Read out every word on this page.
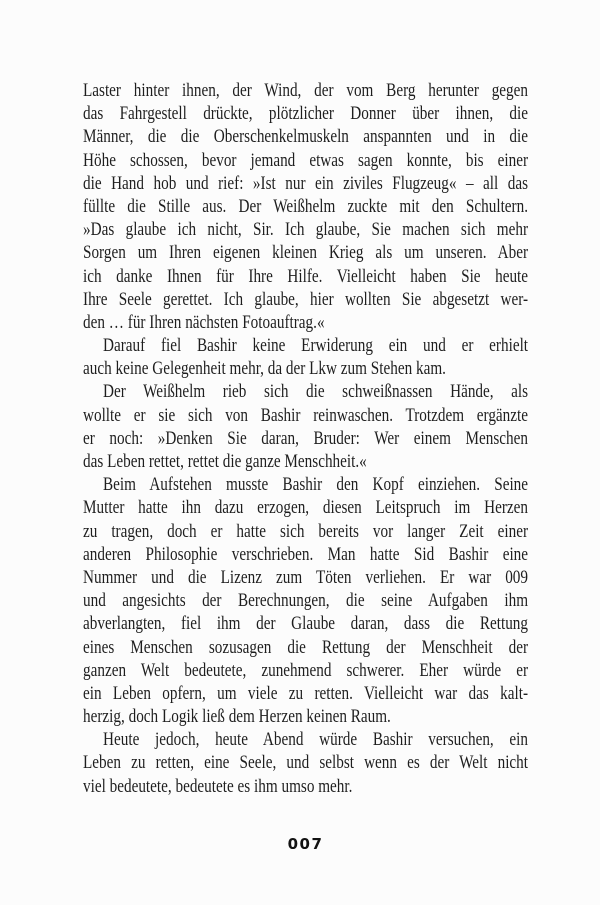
Laster hinter ihnen, der Wind, der vom Berg herunter gegen
das Fahrgestell drückte, plötzlicher Donner über ihnen, die
Männer, die die Oberschenkelmuskeln anspannten und in die
Höhe schossen, bevor jemand etwas sagen konnte, bis einer
die Hand hob und rief: »Ist nur ein ziviles Flugzeug« – all das
füllte die Stille aus. Der Weißhelm zuckte mit den Schultern.
»Das glaube ich nicht, Sir. Ich glaube, Sie machen sich mehr
Sorgen um Ihren eigenen kleinen Krieg als um unseren. Aber
ich danke Ihnen für Ihre Hilfe. Vielleicht haben Sie heute
Ihre Seele gerettet. Ich glaube, hier wollten Sie abgesetzt wer-
den … für Ihren nächsten Fotoauftrag.«
Darauf fiel Bashir keine Erwiderung ein und er erhielt
auch keine Gelegenheit mehr, da der Lkw zum Stehen kam.
Der Weißhelm rieb sich die schweißnassen Hände, als
wollte er sie sich von Bashir reinwaschen. Trotzdem ergänzte
er noch: »Denken Sie daran, Bruder: Wer einem Menschen
das Leben rettet, rettet die ganze Menschheit.«
Beim Aufstehen musste Bashir den Kopf einziehen. Seine
Mutter hatte ihn dazu erzogen, diesen Leitspruch im Herzen
zu tragen, doch er hatte sich bereits vor langer Zeit einer
anderen Philosophie verschrieben. Man hatte Sid Bashir eine
Nummer und die Lizenz zum Töten verliehen. Er war 009
und angesichts der Berechnungen, die seine Aufgaben ihm
abverlangten, fiel ihm der Glaube daran, dass die Rettung
eines Menschen sozusagen die Rettung der Menschheit der
ganzen Welt bedeutete, zunehmend schwerer. Eher würde er
ein Leben opfern, um viele zu retten. Vielleicht war das kalt-
herzig, doch Logik ließ dem Herzen keinen Raum.
Heute jedoch, heute Abend würde Bashir versuchen, ein
Leben zu retten, eine Seele, und selbst wenn es der Welt nicht
viel bedeutete, bedeutete es ihm umso mehr.
007
